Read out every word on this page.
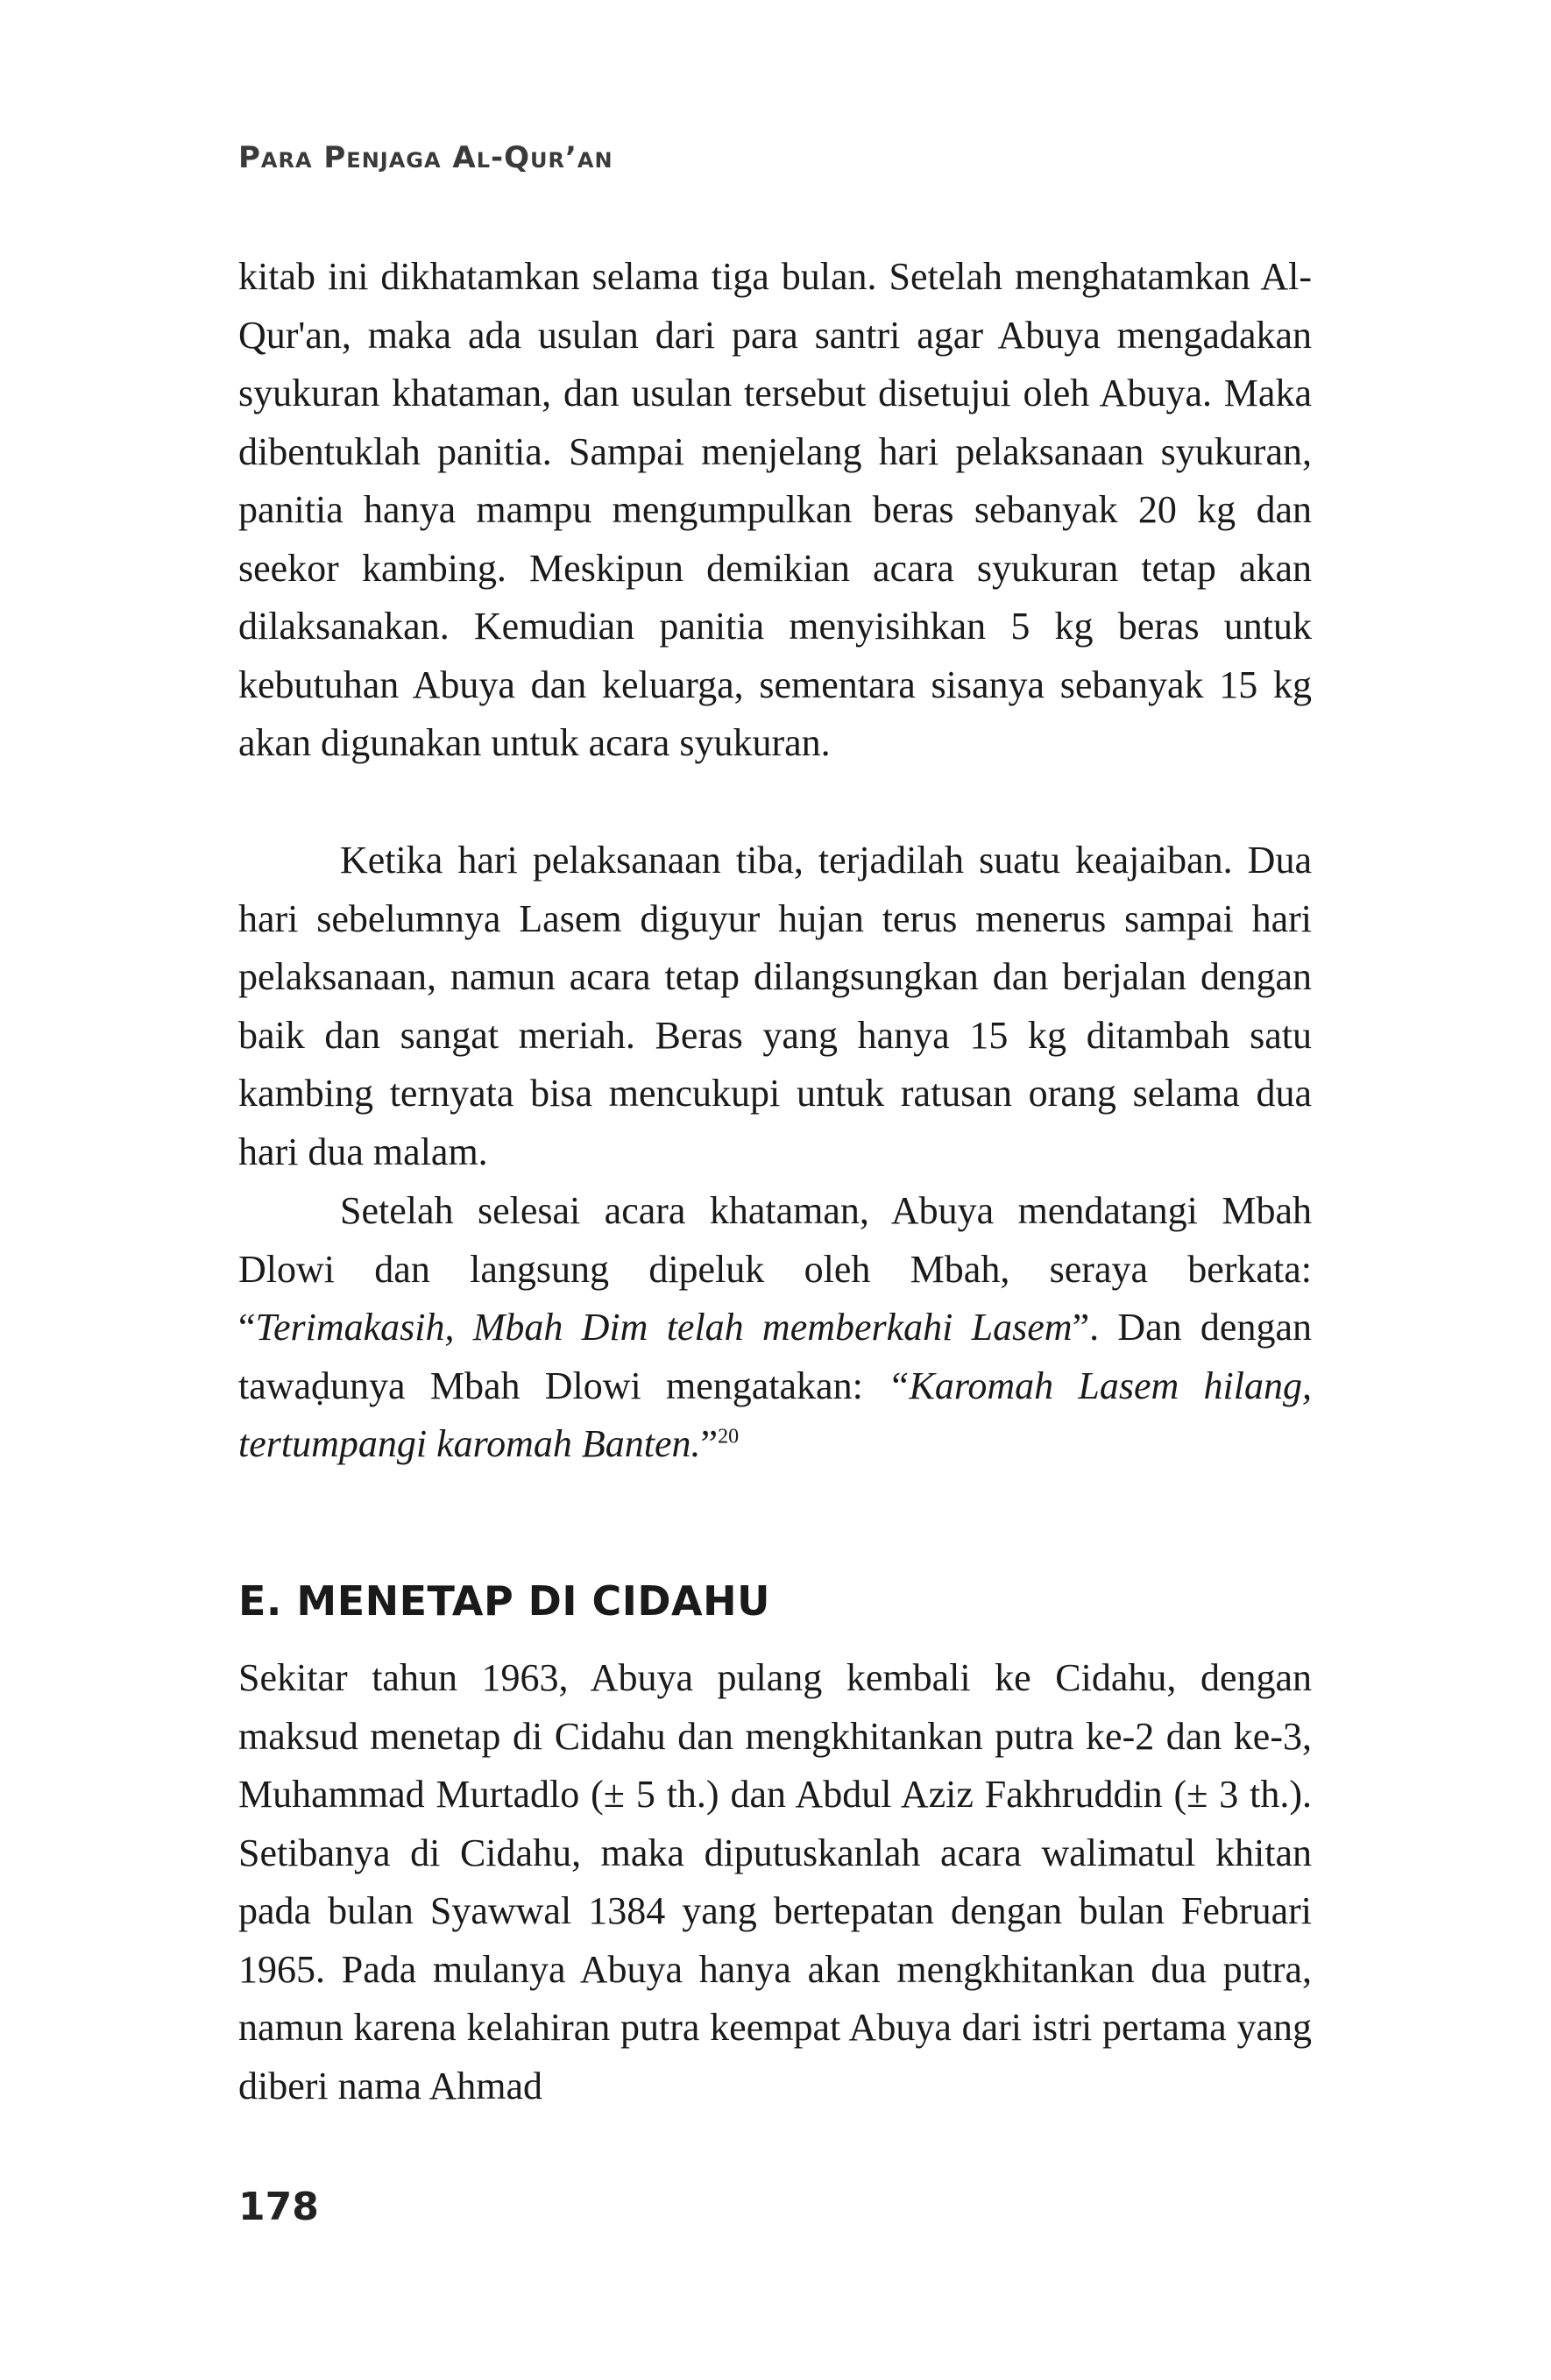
Para Penjaga Al-Qur’an

kitab ini dikhatamkan selama tiga bulan. Setelah menghatamkan Al-Qur'an, maka ada usulan dari para santri agar Abuya mengadakan syukuran khataman, dan usulan tersebut disetujui oleh Abuya. Maka dibentuklah panitia. Sampai menjelang hari pelaksanaan syukuran, panitia hanya mampu mengumpulkan beras sebanyak 20 kg dan seekor kambing. Meskipun demikian acara syukuran tetap akan dilaksanakan. Kemudian panitia menyisihkan 5 kg beras untuk kebutuhan Abuya dan keluarga, sementara sisanya sebanyak 15 kg akan digunakan untuk acara syukuran.

Ketika hari pelaksanaan tiba, terjadilah suatu keajaiban. Dua hari sebelumnya Lasem diguyur hujan terus menerus sampai hari pelaksanaan, namun acara tetap dilangsungkan dan berjalan dengan baik dan sangat meriah. Beras yang hanya 15 kg ditambah satu kambing ternyata bisa mencukupi untuk ratusan orang selama dua hari dua malam.

Setelah selesai acara khataman, Abuya mendatangi Mbah Dlowi dan langsung dipeluk oleh Mbah, seraya berkata: “Terimakasih, Mbah Dim telah memberkahi Lasem”. Dan dengan tawaḍunya Mbah Dlowi mengatakan: “Karomah Lasem hilang, tertumpangi karomah Banten.”$^{20}$

E. MENETAP DI CIDAHU

Sekitar tahun 1963, Abuya pulang kembali ke Cidahu, dengan maksud menetap di Cidahu dan mengkhitankan putra ke-2 dan ke-3, Muhammad Murtadlo (± 5 th.) dan Abdul Aziz Fakhruddin (± 3 th.). Setibanya di Cidahu, maka diputuskanlah acara walimatul khitan pada bulan Syawwal 1384 yang bertepatan dengan bulan Februari 1965. Pada mulanya Abuya hanya akan mengkhitankan dua putra, namun karena kelahiran putra keempat Abuya dari istri pertama yang diberi nama Ahmad

178
